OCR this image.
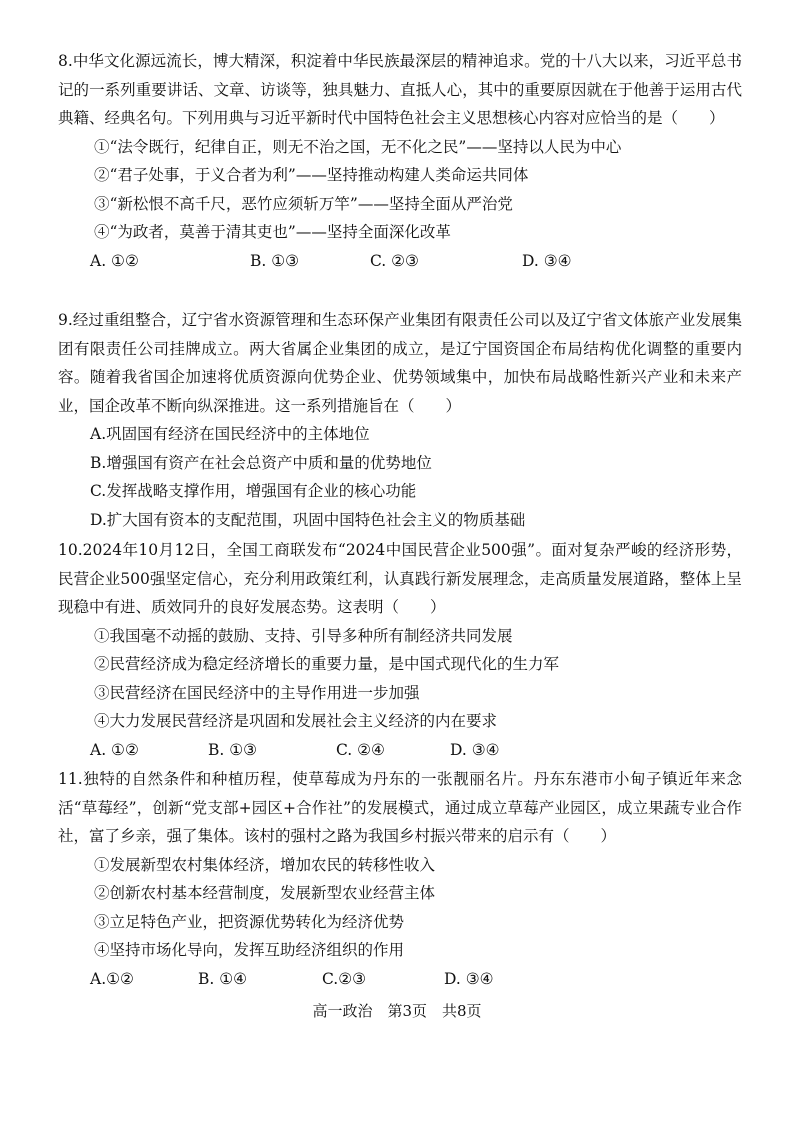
8.中华文化源远流长，博大精深，积淀着中华民族最深层的精神追求。党的十八大以来，习近平总书记的一系列重要讲话、文章、访谈等，独具魅力、直抵人心，其中的重要原因就在于他善于运用古代典籍、经典名句。下列用典与习近平新时代中国特色社会主义思想核心内容对应恰当的是（　　）

①“法令既行，纪律自正，则无不治之国，无不化之民”——坚持以人民为中心

②“君子处事，于义合者为利”——坚持推动构建人类命运共同体

③“新松恨不高千尺，恶竹应须斩万竿”——坚持全面从严治党

④“为政者，莫善于清其吏也”——坚持全面深化改革

A. ①②	B. ①③	C. ②③	D. ③④

9.经过重组整合，辽宁省水资源管理和生态环保产业集团有限责任公司以及辽宁省文体旅产业发展集团有限责任公司挂牌成立。两大省属企业集团的成立，是辽宁国资国企布局结构优化调整的重要内容。随着我省国企加速将优质资源向优势企业、优势领域集中，加快布局战略性新兴产业和未来产业，国企改革不断向纵深推进。这一系列措施旨在（　　）

A.巩固国有经济在国民经济中的主体地位

B.增强国有资产在社会总资产中质和量的优势地位

C.发挥战略支撑作用，增强国有企业的核心功能

D.扩大国有资本的支配范围，巩固中国特色社会主义的物质基础

10.2024年10月12日，全国工商联发布“2024中国民营企业500强”。面对复杂严峻的经济形势，民营企业500强坚定信心，充分利用政策红利，认真践行新发展理念，走高质量发展道路，整体上呈现稳中有进、质效同升的良好发展态势。这表明（　　）

①我国毫不动摇的鼓励、支持、引导多种所有制经济共同发展

②民营经济成为稳定经济增长的重要力量，是中国式现代化的生力军

③民营经济在国民经济中的主导作用进一步加强

④大力发展民营经济是巩固和发展社会主义经济的内在要求

A. ①②	B. ①③	C. ②④	D. ③④

11.独特的自然条件和种植历程，使草莓成为丹东的一张靓丽名片。丹东东港市小甸子镇近年来念活“草莓经”，创新“党支部+园区+合作社”的发展模式，通过成立草莓产业园区，成立果蔬专业合作社，富了乡亲，强了集体。该村的强村之路为我国乡村振兴带来的启示有（　　）

①发展新型农村集体经济，增加农民的转移性收入

②创新农村基本经营制度，发展新型农业经营主体

③立足特色产业，把资源优势转化为经济优势

④坚持市场化导向，发挥互助经济组织的作用

A.①②	B. ①④	C.②③	D. ③④
高一政治　第3页　共8页
